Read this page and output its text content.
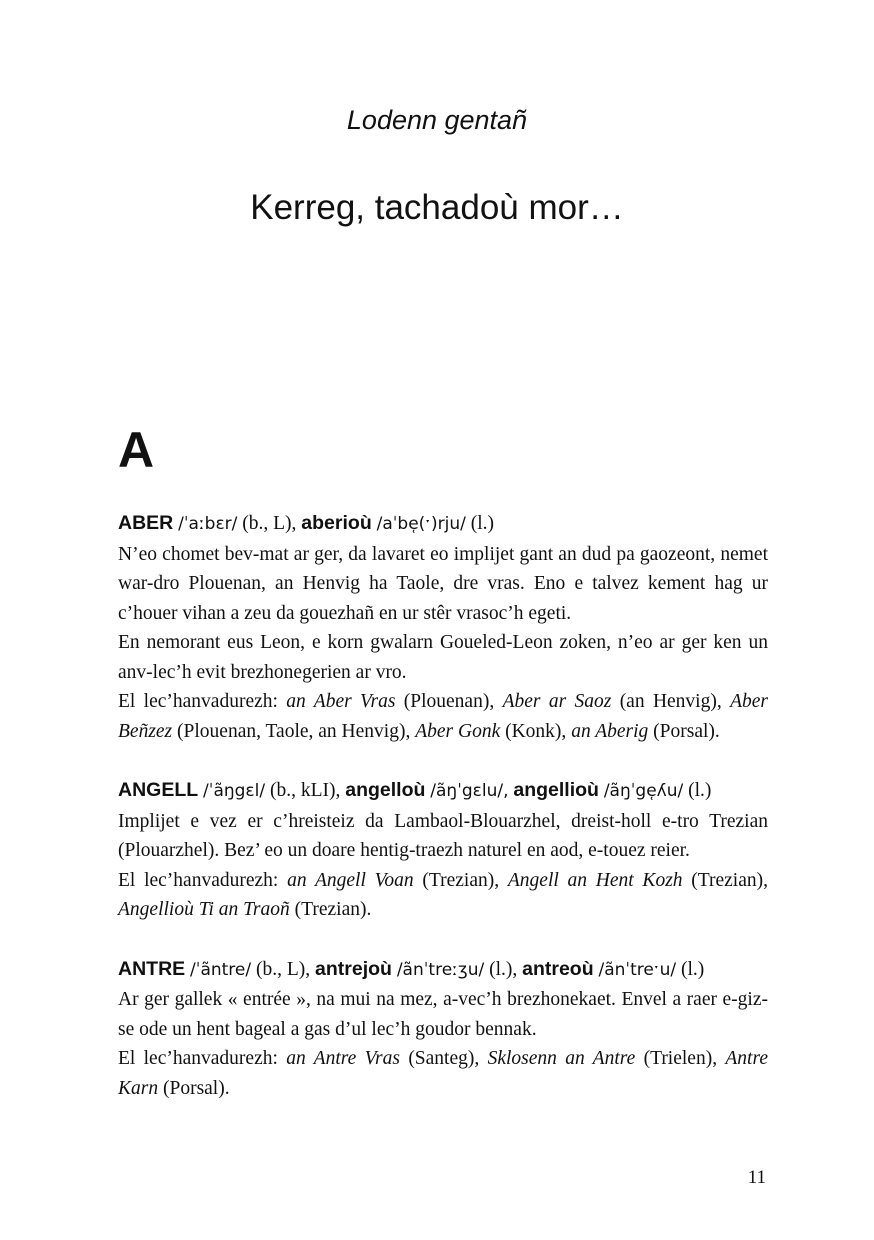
Lodenn gentañ

Kerreg, tachadoù mor…
A

ABER /ˈaːbɛr/ (b., L), aberioù /aˈbe̜(ˑ)rju/ (l.)

N’eo chomet bev-mat ar ger, da lavaret eo implijet gant an dud pa gaozeont, nemet war-dro Plouenan, an Henvig ha Taole, dre vras. Eno e talvez kement hag ur c’houer vihan a zeu da gouezhañ en ur stêr vrasoc’h egeti.

En nemorant eus Leon, e korn gwalarn Goueled-Leon zoken, n’eo ar ger ken un anv-lec’h evit brezhonegerien ar vro.

El lec’hanvadurezh: an Aber Vras (Plouenan), Aber ar Saoz (an Henvig), Aber Beñzez (Plouenan, Taole, an Henvig), Aber Gonk (Konk), an Aberig (Porsal).

ANGELL /ˈãŋgɛl/ (b., kLI), angelloù /ãŋˈgɛlu/, angellioù /ãŋˈge̜ʎu/ (l.)

Implijet e vez er c’hreisteiz da Lambaol-Blouarzhel, dreist-holl e-tro Trezian (Plouarzhel). Bez’ eo un doare hentig-traezh naturel en aod, e-touez reier.

El lec’hanvadurezh: an Angell Voan (Trezian), Angell an Hent Kozh (Trezian), Angellioù Ti an Traoñ (Trezian).

ANTRE /ˈãntre/ (b., L), antrejoù /ãnˈtreːʒu/ (l.), antreoù /ãnˈtreˑu/ (l.)

Ar ger gallek « entrée », na mui na mez, a-vec’h brezhonekaet. Envel a raer e-giz-se ode un hent bageal a gas d’ul lec’h goudor bennak.

El lec’hanvadurezh: an Antre Vras (Santeg), Sklosenn an Antre (Trielen), Antre Karn (Porsal).

11
